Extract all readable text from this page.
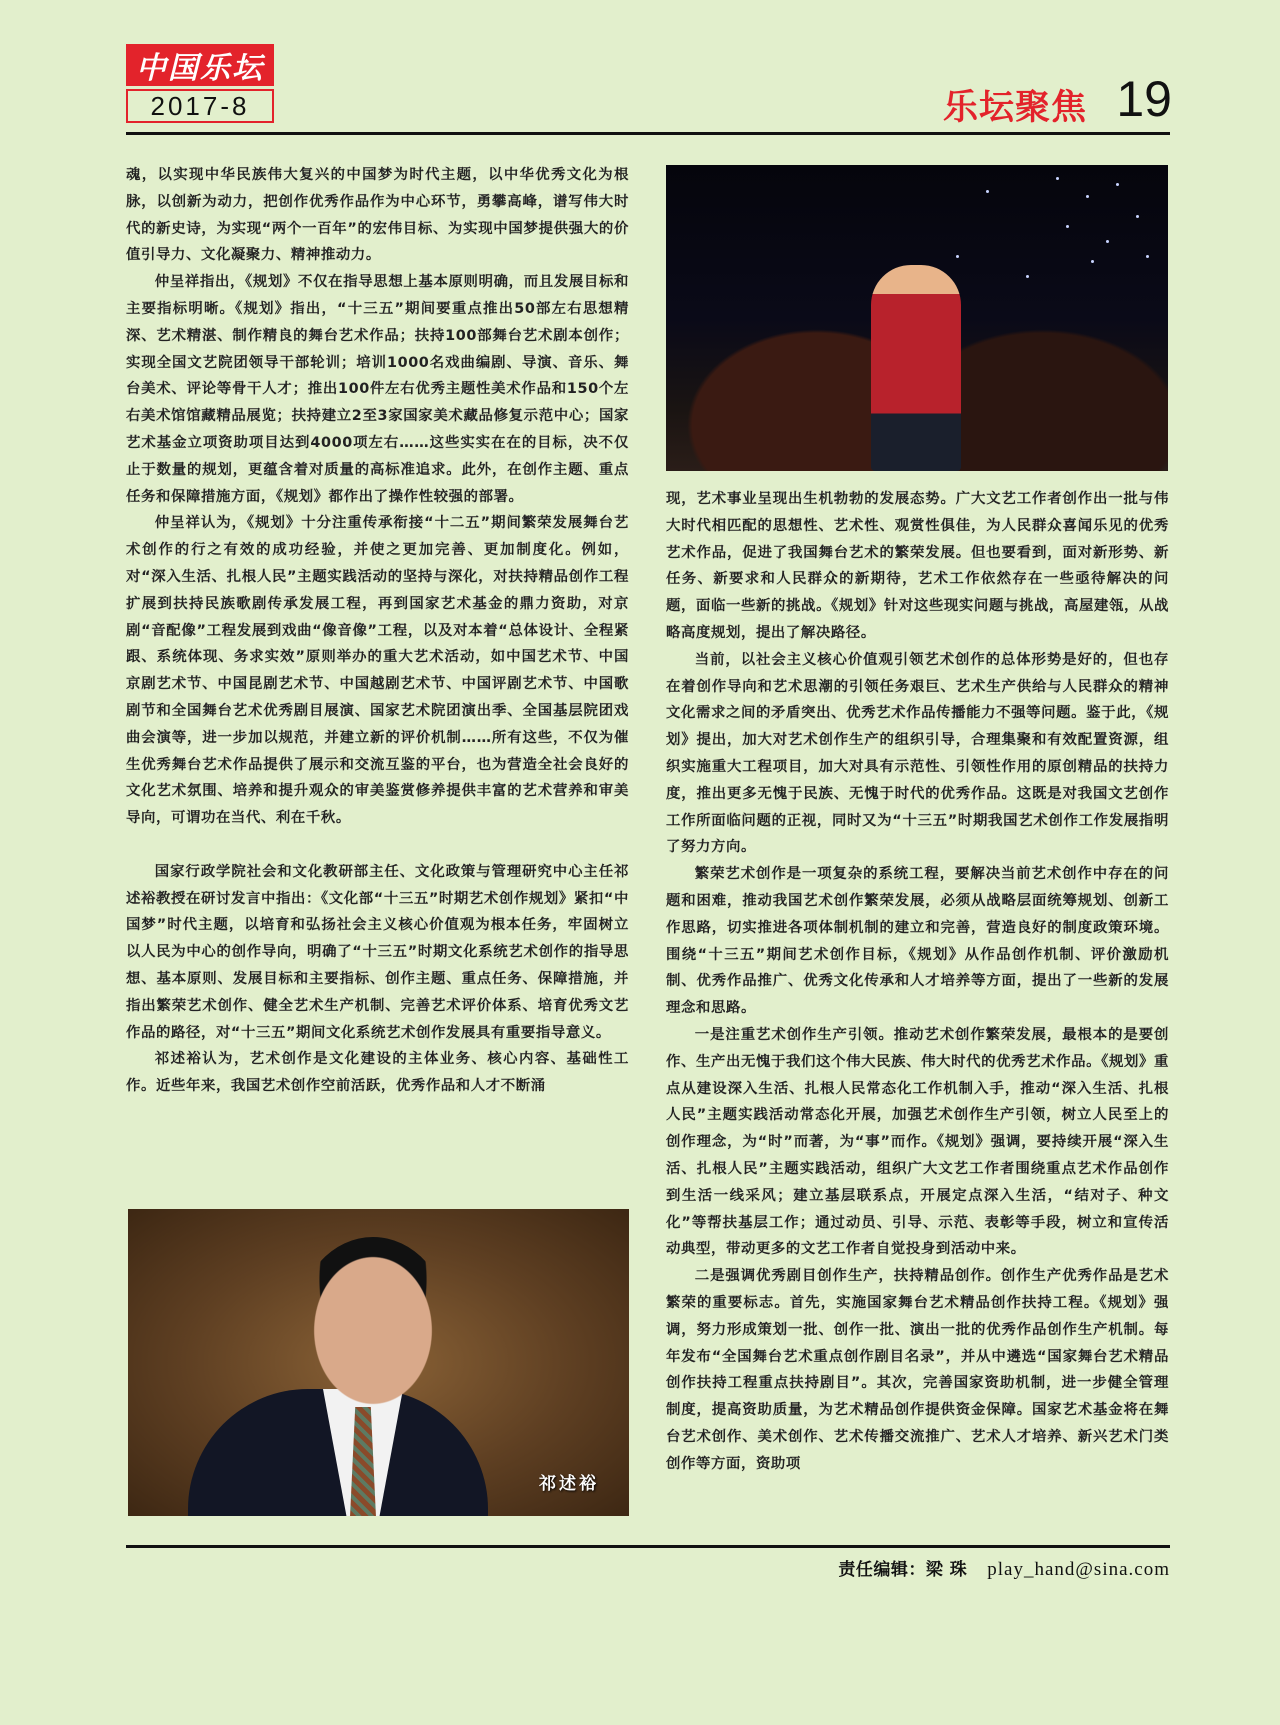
中国乐坛
2017-8	乐坛聚焦 19

魂，以实现中华民族伟大复兴的中国梦为时代主题，以中华优秀文化为根脉，以创新为动力，把创作优秀作品作为中心环节，勇攀高峰，谱写伟大时代的新史诗，为实现“两个一百年”的宏伟目标、为实现中国梦提供强大的价值引导力、文化凝聚力、精神推动力。

仲呈祥指出，《规划》不仅在指导思想上基本原则明确，而且发展目标和主要指标明晰。《规划》指出，“十三五”期间要重点推出50部左右思想精深、艺术精湛、制作精良的舞台艺术作品；扶持100部舞台艺术剧本创作；实现全国文艺院团领导干部轮训；培训1000名戏曲编剧、导演、音乐、舞台美术、评论等骨干人才；推出100件左右优秀主题性美术作品和150个左右美术馆馆藏精品展览；扶持建立2至3家国家美术藏品修复示范中心；国家艺术基金立项资助项目达到4000项左右……这些实实在在的目标，决不仅止于数量的规划，更蕴含着对质量的高标准追求。此外，在创作主题、重点任务和保障措施方面，《规划》都作出了操作性较强的部署。

仲呈祥认为，《规划》十分注重传承衔接“十二五”期间繁荣发展舞台艺术创作的行之有效的成功经验，并使之更加完善、更加制度化。例如，对“深入生活、扎根人民”主题实践活动的坚持与深化，对扶持精品创作工程扩展到扶持民族歌剧传承发展工程，再到国家艺术基金的鼎力资助，对京剧“音配像”工程发展到戏曲“像音像”工程，以及对本着“总体设计、全程紧跟、系统体现、务求实效”原则举办的重大艺术活动，如中国艺术节、中国京剧艺术节、中国昆剧艺术节、中国越剧艺术节、中国评剧艺术节、中国歌剧节和全国舞台艺术优秀剧目展演、国家艺术院团演出季、全国基层院团戏曲会演等，进一步加以规范，并建立新的评价机制……所有这些，不仅为催生优秀舞台艺术作品提供了展示和交流互鉴的平台，也为营造全社会良好的文化艺术氛围、培养和提升观众的审美鉴赏修养提供丰富的艺术营养和审美导向，可谓功在当代、利在千秋。

国家行政学院社会和文化教研部主任、文化政策与管理研究中心主任祁述裕教授在研讨发言中指出：《文化部“十三五”时期艺术创作规划》紧扣“中国梦”时代主题，以培育和弘扬社会主义核心价值观为根本任务，牢固树立以人民为中心的创作导向，明确了“十三五”时期文化系统艺术创作的指导思想、基本原则、发展目标和主要指标、创作主题、重点任务、保障措施，并指出繁荣艺术创作、健全艺术生产机制、完善艺术评价体系、培育优秀文艺作品的路径，对“十三五”期间文化系统艺术创作发展具有重要指导意义。

祁述裕认为，艺术创作是文化建设的主体业务、核心内容、基础性工作。近些年来，我国艺术创作空前活跃，优秀作品和人才不断涌

现，艺术事业呈现出生机勃勃的发展态势。广大文艺工作者创作出一批与伟大时代相匹配的思想性、艺术性、观赏性俱佳，为人民群众喜闻乐见的优秀艺术作品，促进了我国舞台艺术的繁荣发展。但也要看到，面对新形势、新任务、新要求和人民群众的新期待，艺术工作依然存在一些亟待解决的问题，面临一些新的挑战。《规划》针对这些现实问题与挑战，高屋建瓴，从战略高度规划，提出了解决路径。

当前，以社会主义核心价值观引领艺术创作的总体形势是好的，但也存在着创作导向和艺术思潮的引领任务艰巨、艺术生产供给与人民群众的精神文化需求之间的矛盾突出、优秀艺术作品传播能力不强等问题。鉴于此，《规划》提出，加大对艺术创作生产的组织引导，合理集聚和有效配置资源，组织实施重大工程项目，加大对具有示范性、引领性作用的原创精品的扶持力度，推出更多无愧于民族、无愧于时代的优秀作品。这既是对我国文艺创作工作所面临问题的正视，同时又为“十三五”时期我国艺术创作工作发展指明了努力方向。

繁荣艺术创作是一项复杂的系统工程，要解决当前艺术创作中存在的问题和困难，推动我国艺术创作繁荣发展，必须从战略层面统筹规划、创新工作思路，切实推进各项体制机制的建立和完善，营造良好的制度政策环境。围绕“十三五”期间艺术创作目标，《规划》从作品创作机制、评价激励机制、优秀作品推广、优秀文化传承和人才培养等方面，提出了一些新的发展理念和思路。

一是注重艺术创作生产引领。推动艺术创作繁荣发展，最根本的是要创作、生产出无愧于我们这个伟大民族、伟大时代的优秀艺术作品。《规划》重点从建设深入生活、扎根人民常态化工作机制入手，推动“深入生活、扎根人民”主题实践活动常态化开展，加强艺术创作生产引领，树立人民至上的创作理念，为“时”而著，为“事”而作。《规划》强调，要持续开展“深入生活、扎根人民”主题实践活动，组织广大文艺工作者围绕重点艺术作品创作到生活一线采风；建立基层联系点，开展定点深入生活，“结对子、种文化”等帮扶基层工作；通过动员、引导、示范、表彰等手段，树立和宣传活动典型，带动更多的文艺工作者自觉投身到活动中来。

二是强调优秀剧目创作生产，扶持精品创作。创作生产优秀作品是艺术繁荣的重要标志。首先，实施国家舞台艺术精品创作扶持工程。《规划》强调，努力形成策划一批、创作一批、演出一批的优秀作品创作生产机制。每年发布“全国舞台艺术重点创作剧目名录”，并从中遴选“国家舞台艺术精品创作扶持工程重点扶持剧目”。其次，完善国家资助机制，进一步健全管理制度，提高资助质量，为艺术精品创作提供资金保障。国家艺术基金将在舞台艺术创作、美术创作、艺术传播交流推广、艺术人才培养、新兴艺术门类创作等方面，资助项

祁述裕
责任编辑：梁 珠 play_hand@sina.com
